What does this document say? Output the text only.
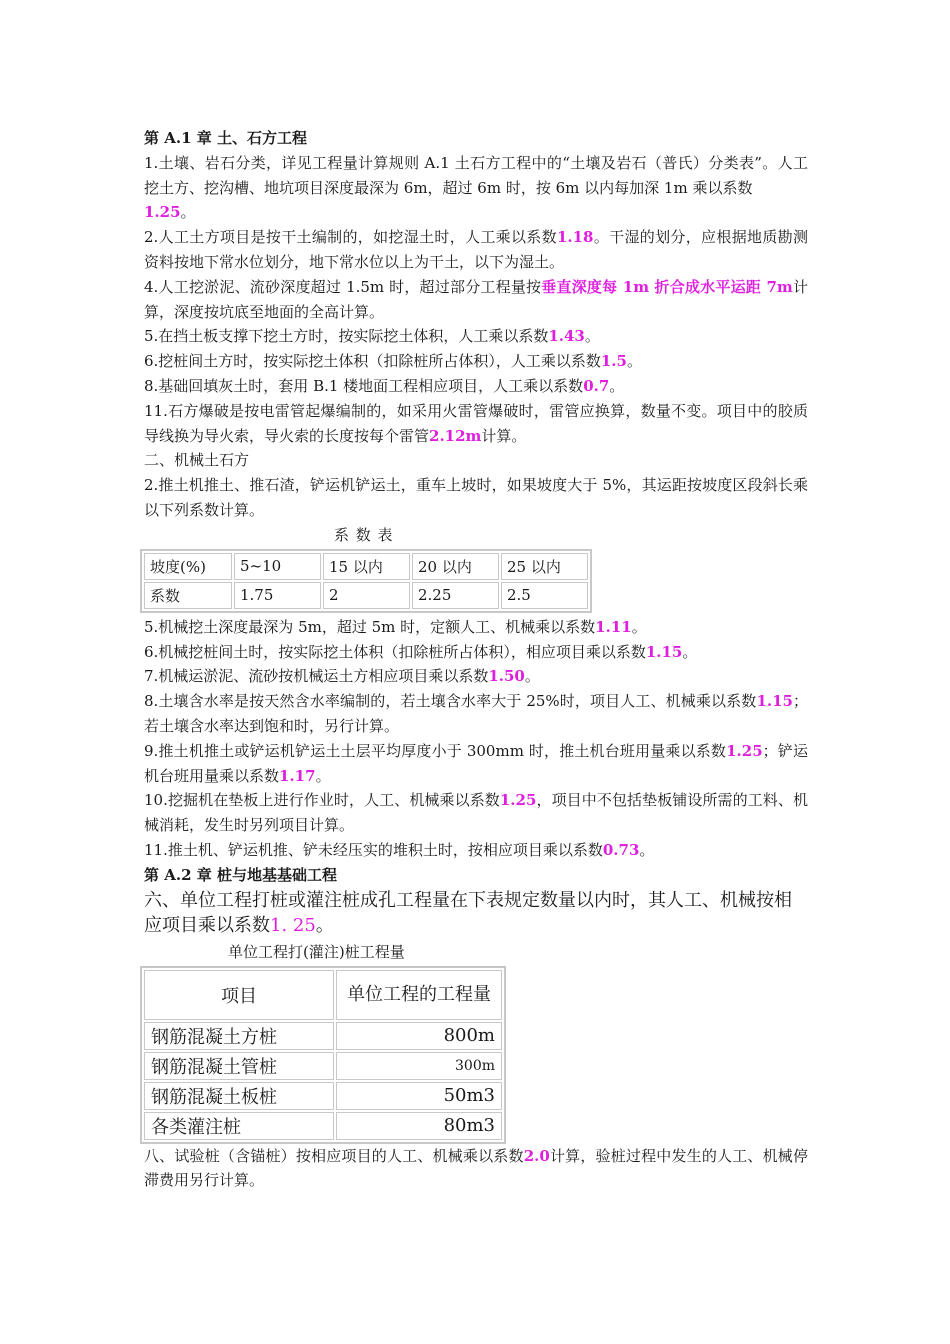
第 A.1 章 土、石方工程

1.土壤、岩石分类，详见工程量计算规则 A.1 土石方工程中的“土壤及岩石（普氏）分类表”。人工挖土方、挖沟槽、地坑项目深度最深为 6m，超过 6m 时，按 6m 以内每加深 1m 乘以系数
1.25。

2.人工土方项目是按干土编制的，如挖湿土时，人工乘以系数1.18。干湿的划分，应根据地质勘测资料按地下常水位划分，地下常水位以上为干土，以下为湿土。

4.人工挖淤泥、流砂深度超过 1.5m 时，超过部分工程量按垂直深度每 1m 折合成水平运距 7m计算，深度按坑底至地面的全高计算。

5.在挡土板支撑下挖土方时，按实际挖土体积，人工乘以系数1.43。

6.挖桩间土方时，按实际挖土体积（扣除桩所占体积），人工乘以系数1.5。

8.基础回填灰土时，套用 B.1 楼地面工程相应项目，人工乘以系数0.7。

11.石方爆破是按电雷管起爆编制的，如采用火雷管爆破时，雷管应换算，数量不变。项目中的胶质导线换为导火索，导火索的长度按每个雷管2.12m计算。

二、机械土石方

2.推土机推土、推石渣，铲运机铲运土，重车上坡时，如果坡度大于 5%，其运距按坡度区段斜长乘以下列系数计算。

系 数 表

坡度(%)	5~10	15 以内	20 以内	25 以内
系数	1.75	2	2.25	2.5

5.机械挖土深度最深为 5m，超过 5m 时，定额人工、机械乘以系数1.11。

6.机械挖桩间土时，按实际挖土体积（扣除桩所占体积），相应项目乘以系数1.15。

7.机械运淤泥、流砂按机械运土方相应项目乘以系数1.50。

8.土壤含水率是按天然含水率编制的，若土壤含水率大于 25%时，项目人工、机械乘以系数1.15；若土壤含水率达到饱和时，另行计算。

9.推土机推土或铲运机铲运土土层平均厚度小于 300mm 时，推土机台班用量乘以系数1.25；铲运机台班用量乘以系数1.17。

10.挖掘机在垫板上进行作业时，人工、机械乘以系数1.25，项目中不包括垫板铺设所需的工料、机械消耗，发生时另列项目计算。

11.推土机、铲运机推、铲未经压实的堆积土时，按相应项目乘以系数0.73。

第 A.2 章 桩与地基基础工程

六、单位工程打桩或灌注桩成孔工程量在下表规定数量以内时，其人工、机械按相应项目乘以系数1. 25。

单位工程打(灌注)桩工程量

项目	单位工程的工程量
钢筋混凝土方桩	800m
钢筋混凝土管桩	300m
钢筋混凝土板桩	50m3
各类灌注桩	80m3

八、试验桩（含锚桩）按相应项目的人工、机械乘以系数2.0计算，验桩过程中发生的人工、机械停滞费用另行计算。
